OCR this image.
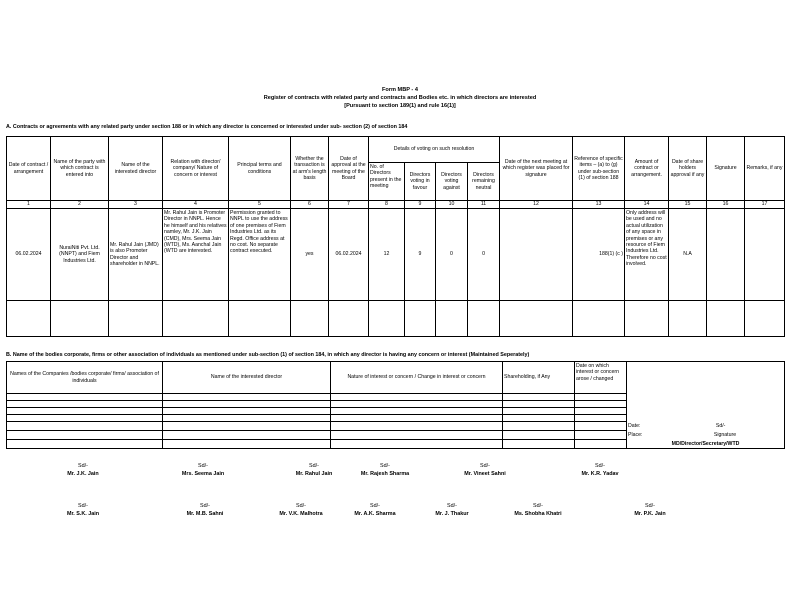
Form MBP - 4
Register of contracts with related party and contracts and Bodies etc. in which directors are interested
[Pursuant to section 189(1) and rule 16(1)]
A. Contracts or agreements with any related party under section 188 or in which any director is concerned or interested under sub- section (2) of section 184
Date of contract / arrangement	Name of the party with which contract is entered into	Name of the interested director	Relation with director/ company/ Nature of concern or interest	Principal terms and conditions	Whether the transaction is at arm's length basis	Date of approval at the meeting of the Board	Details of voting on such resolution				Date of the next meeting at which register was placed for signature	Reference of specific items – (a) to (g) under sub-section (1) of section 188	Amount of contract or arrangement.	Date of share holders approval if any	Signature	Remarks, if any
							No. of Directors present in the meeting	Directors voting in favour	Directors voting against	Directors remaining neutral						
1	2	3	4	5	6	7	8	9	10	11	12	13	14	15	16	17
06.02.2024	NuraiNiti Pvt. Ltd. (NNPT) and Fiem Industries Ltd.	Mr. Rahul Jain (JMD) is also Promoter Director and shareholder in NNPL.	Mr. Rahul Jain is Promoter Director in NNPL. Hence he himself and his relatives namley, Mr. J.K. Jain (CMD), Mrs. Seema Jain (WTD), Ms. Aanchal Jain (WTD are interested.	Permission granted to NNPL to use the address of one premises of Fiem Industries Ltd. as its Regd. Office address at no cost. No separate contract executed.	yes	06.02.2024	12	9	0	0		188(1) (c )	Only address will be used and no actual utilization of any space in premises or any resource of Fiem Industries Ltd. Therefore no cost involved.	N.A		

B. Name of the bodies corporate, firms or other association of individuals as mentioned under sub-section (1) of section 184, in which any director is having any concern or interest (Maintained Seperately)
Names of the Companies /bodies corporate/ firms/ association of individuals	Name of the interested director	Nature of interest or concern / Change in interest or concern	Shareholding, if Any	Date on which interest or concern arose / changed	

					Date: Sd/-
					Place: Signature
					MD/Director/Secretary/WTD
Sd/-
Mr. J.K. Jain
Sd/-
Mrs. Seema Jain
Sd/-
Mr. Rahul Jain
Sd/-
Mr. Rajesh Sharma
Sd/-
Mr. Vineet Sahni
Sd/-
Mr. K.R. Yadav
Sd/-
Mr. S.K. Jain
Sd/-
Mr. M.B. Sahni
Sd/-
Mr. V.K. Malhotra
Sd/-
Mr. A.K. Sharma
Sd/-
Mr. J. Thakur
Sd/-
Ms. Shobha Khatri
Sd/-
Mr. P.K. Jain
